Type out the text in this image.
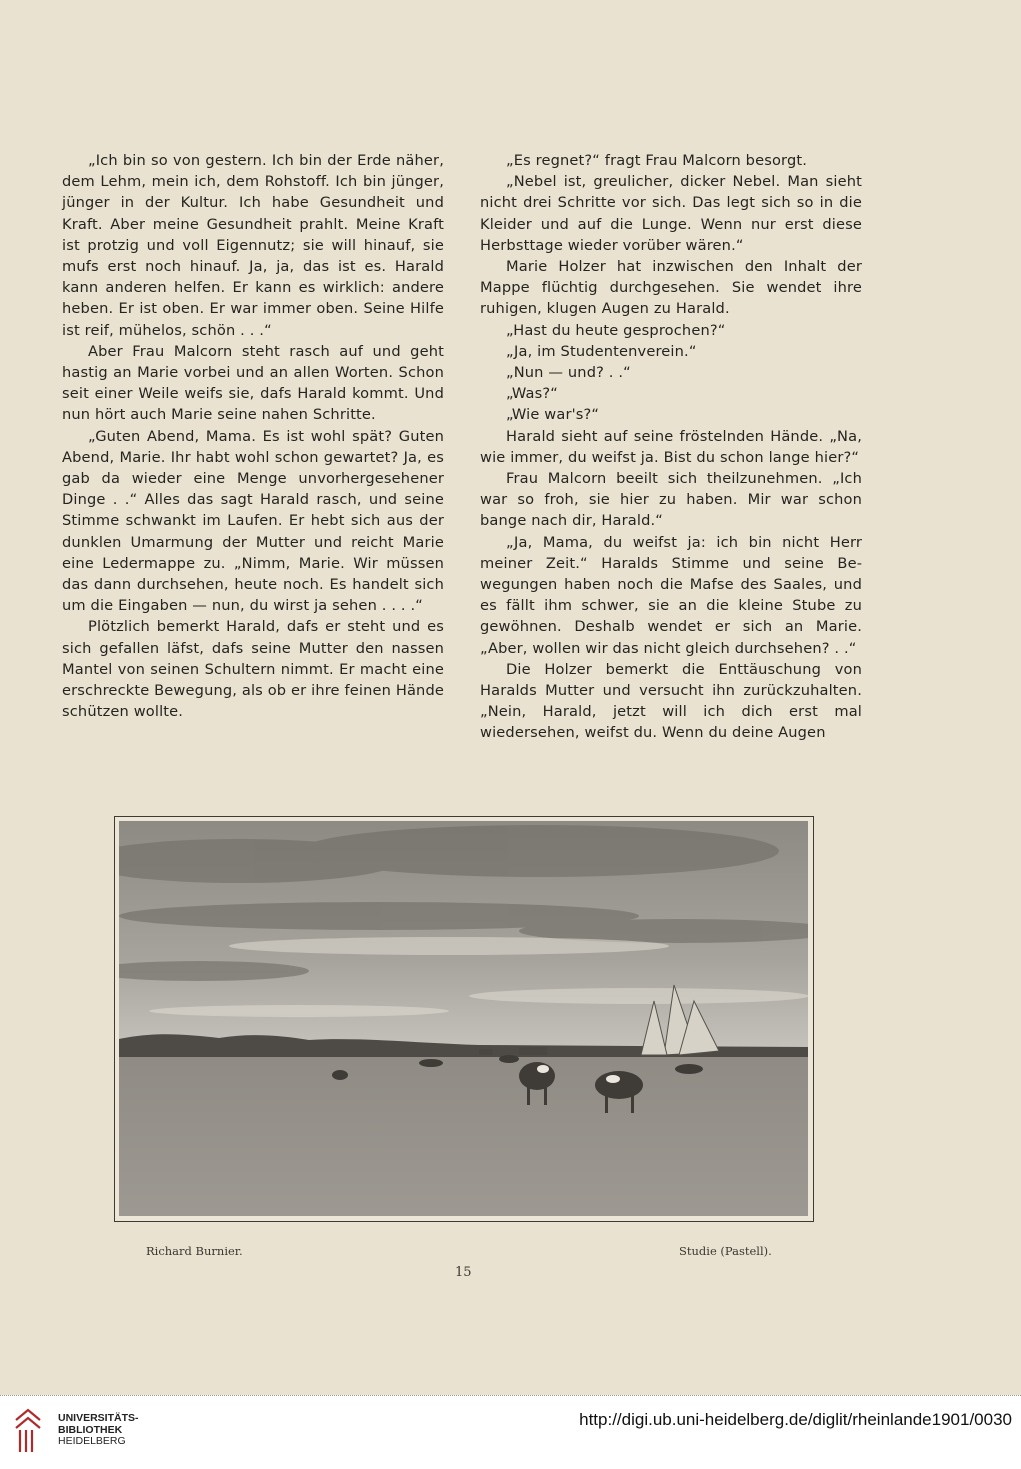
„Ich bin so von gestern. Ich bin der Erde näher, dem Lehm, mein ich, dem Rohstoff. Ich bin jünger, jünger in der Kultur. Ich habe Gesundheit und Kraft. Aber meine Gesundheit prahlt. Meine Kraft ist protzig und voll Eigennutz; sie will hinauf, sie mufs erst noch hinauf. Ja, ja, das ist es. Harald kann anderen helfen. Er kann es wirklich: andere heben. Er ist oben. Er war immer oben. Seine Hilfe ist reif, mühelos, schön . . .“

Aber Frau Malcorn steht rasch auf und geht hastig an Marie vorbei und an allen Worten. Schon seit einer Weile weifs sie, dafs Harald kommt. Und nun hört auch Marie seine nahen Schritte.

„Guten Abend, Mama. Es ist wohl spät? Guten Abend, Marie. Ihr habt wohl schon gewartet? Ja, es gab da wieder eine Menge unvorhergesehener Dinge . .“ Alles das sagt Harald rasch, und seine Stimme schwankt im Laufen. Er hebt sich aus der dunklen Umarmung der Mutter und reicht Marie eine Ledermappe zu. „Nimm, Marie. Wir müssen das dann durchsehen, heute noch. Es handelt sich um die Eingaben — nun, du wirst ja sehen . . . .“

Plötzlich bemerkt Harald, dafs er steht und es sich gefallen läfst, dafs seine Mutter den nassen Mantel von seinen Schultern nimmt. Er macht eine erschreckte Bewegung, als ob er ihre feinen Hände schützen wollte.

„Es regnet?“ fragt Frau Malcorn besorgt.

„Nebel ist, greulicher, dicker Nebel. Man sieht nicht drei Schritte vor sich. Das legt sich so in die Kleider und auf die Lunge. Wenn nur erst diese Herbsttage wieder vorüber wären.“

Marie Holzer hat inzwischen den Inhalt der Mappe flüchtig durchgesehen. Sie wendet ihre ruhigen, klugen Augen zu Harald.

„Hast du heute gesprochen?“

„Ja, im Studentenverein.“

„Nun — und? . .“

„Was?“

„Wie war's?“

Harald sieht auf seine fröstelnden Hände. „Na, wie immer, du weifst ja. Bist du schon lange hier?“

Frau Malcorn beeilt sich theilzunehmen. „Ich war so froh, sie hier zu haben. Mir war schon bange nach dir, Harald.“

„Ja, Mama, du weifst ja: ich bin nicht Herr meiner Zeit.“ Haralds Stimme und seine Bewegungen haben noch die Mafse des Saales, und es fällt ihm schwer, sie an die kleine Stube zu gewöhnen. Deshalb wendet er sich an Marie. „Aber, wollen wir das nicht gleich durchsehen? . .“

Die Holzer bemerkt die Enttäuschung von Haralds Mutter und versucht ihn zurückzuhalten. „Nein, Harald, jetzt will ich dich erst mal wiedersehen, weifst du. Wenn du deine Augen

Richard Burnier.	Studie (Pastell).
15
UNIVERSITÄTS-
BIBLIOTHEK
HEIDELBERG
http://digi.ub.uni-heidelberg.de/diglit/rheinlande1901/0030
